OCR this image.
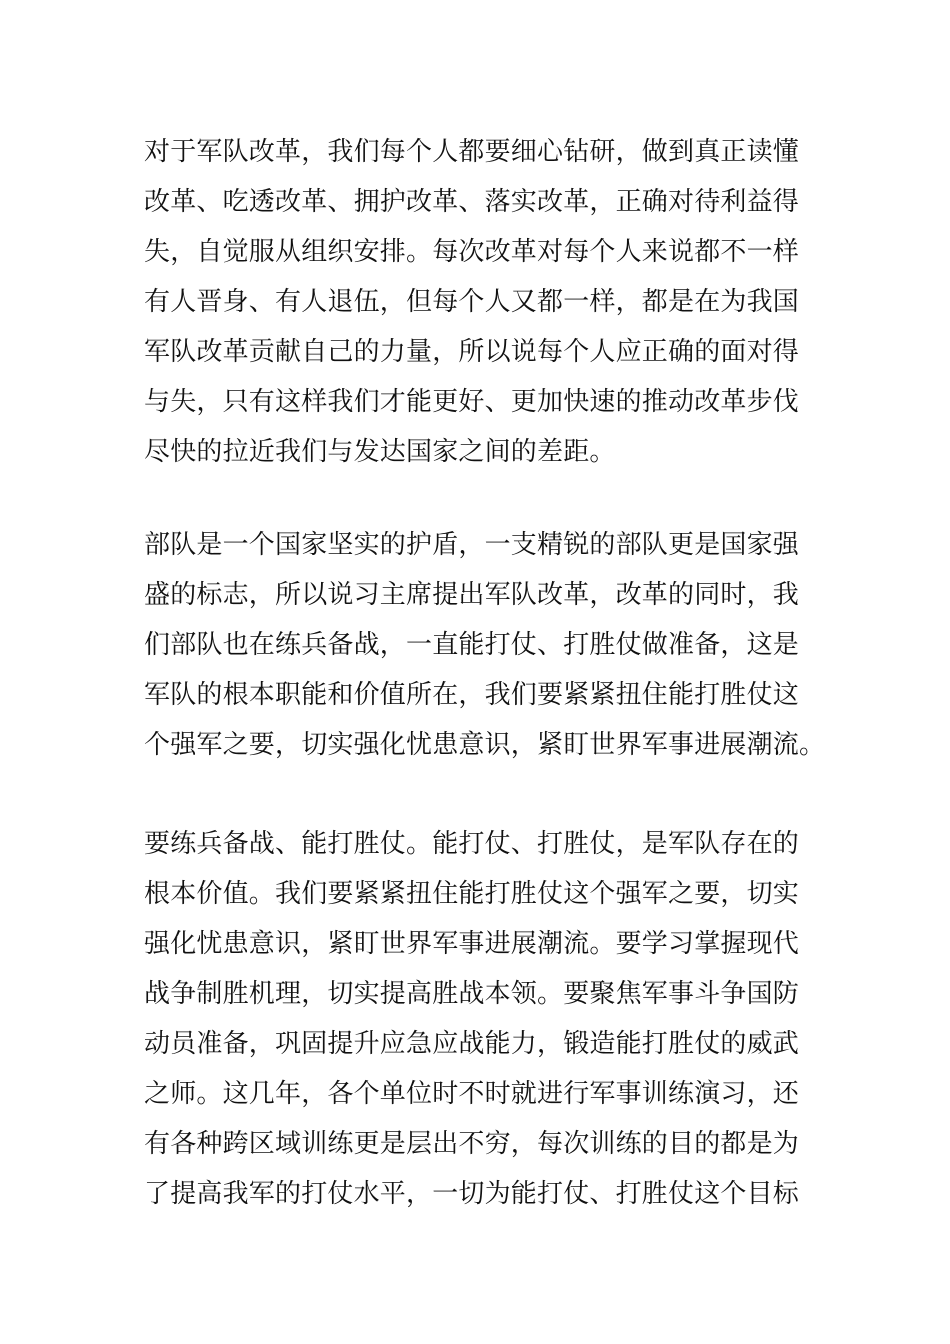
对于军队改革，我们每个人都要细心钻研，做到真正读懂
改革、吃透改革、拥护改革、落实改革，正确对待利益得
失，自觉服从组织安排。每次改革对每个人来说都不一样
有人晋身、有人退伍，但每个人又都一样，都是在为我国
军队改革贡献自己的力量，所以说每个人应正确的面对得
与失，只有这样我们才能更好、更加快速的推动改革步伐
尽快的拉近我们与发达国家之间的差距。
部队是一个国家坚实的护盾，一支精锐的部队更是国家强
盛的标志，所以说习主席提出军队改革，改革的同时，我
们部队也在练兵备战，一直能打仗、打胜仗做准备，这是
军队的根本职能和价值所在，我们要紧紧扭住能打胜仗这
个强军之要，切实强化忧患意识，紧盯世界军事进展潮流。
要练兵备战、能打胜仗。能打仗、打胜仗，是军队存在的
根本价值。我们要紧紧扭住能打胜仗这个强军之要，切实
强化忧患意识，紧盯世界军事进展潮流。要学习掌握现代
战争制胜机理，切实提高胜战本领。要聚焦军事斗争国防
动员准备，巩固提升应急应战能力，锻造能打胜仗的威武
之师。这几年，各个单位时不时就进行军事训练演习，还
有各种跨区域训练更是层出不穷，每次训练的目的都是为
了提高我军的打仗水平，一切为能打仗、打胜仗这个目标
